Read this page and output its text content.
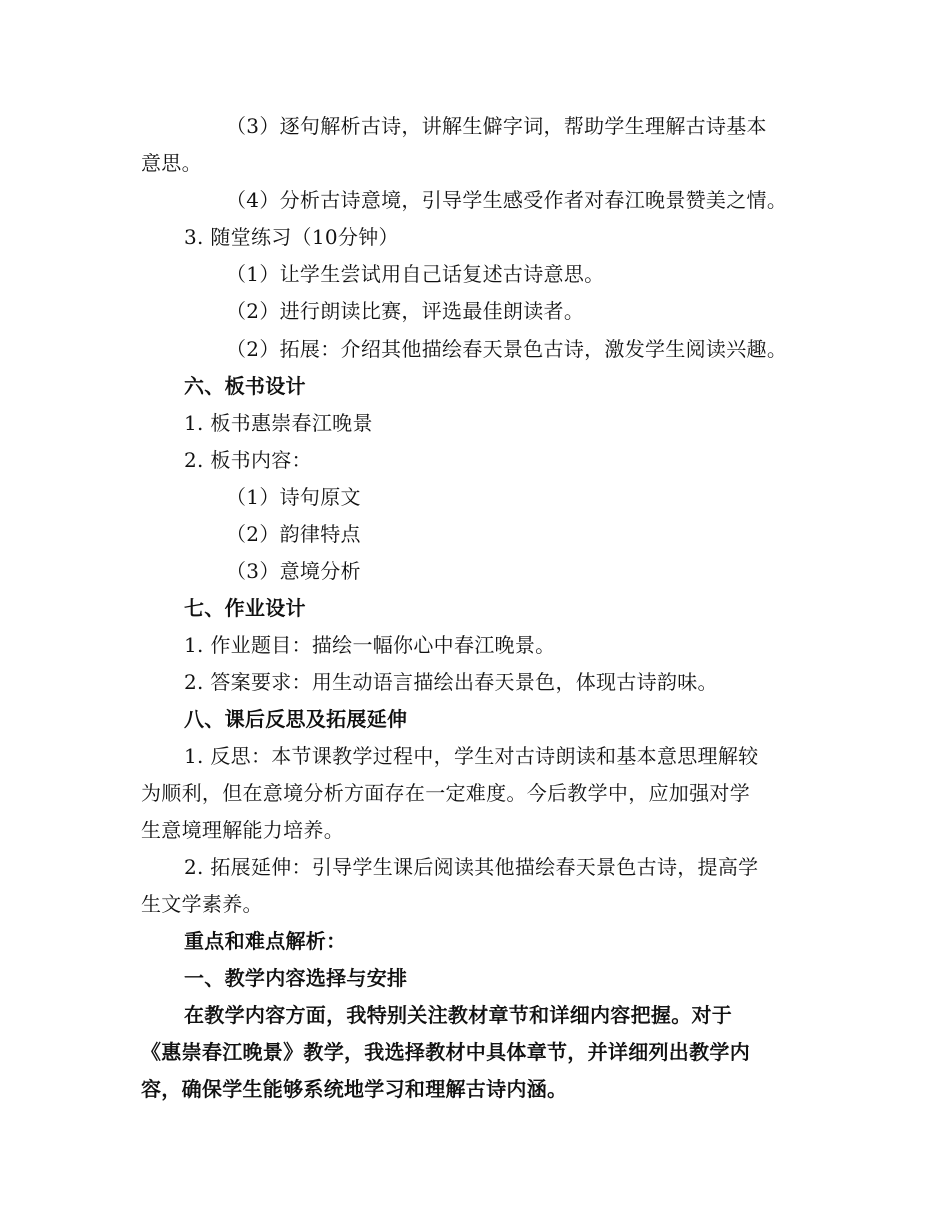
（3）逐句解析古诗，讲解生僻字词，帮助学生理解古诗基本
意思。
（4）分析古诗意境，引导学生感受作者对春江晚景赞美之情。
3. 随堂练习（10分钟）
（1）让学生尝试用自己话复述古诗意思。
（2）进行朗读比赛，评选最佳朗读者。
（2）拓展：介绍其他描绘春天景色古诗，激发学生阅读兴趣。
六、板书设计
1. 板书惠崇春江晚景
2. 板书内容：
（1）诗句原文
（2）韵律特点
（3）意境分析
七、作业设计
1. 作业题目：描绘一幅你心中春江晚景。
2. 答案要求：用生动语言描绘出春天景色，体现古诗韵味。
八、课后反思及拓展延伸
1. 反思：本节课教学过程中，学生对古诗朗读和基本意思理解较
为顺利，但在意境分析方面存在一定难度。今后教学中，应加强对学
生意境理解能力培养。
2. 拓展延伸：引导学生课后阅读其他描绘春天景色古诗，提高学
生文学素养。
重点和难点解析：
一、教学内容选择与安排
在教学内容方面，我特别关注教材章节和详细内容把握。对于
《惠崇春江晚景》教学，我选择教材中具体章节，并详细列出教学内
容，确保学生能够系统地学习和理解古诗内涵。
